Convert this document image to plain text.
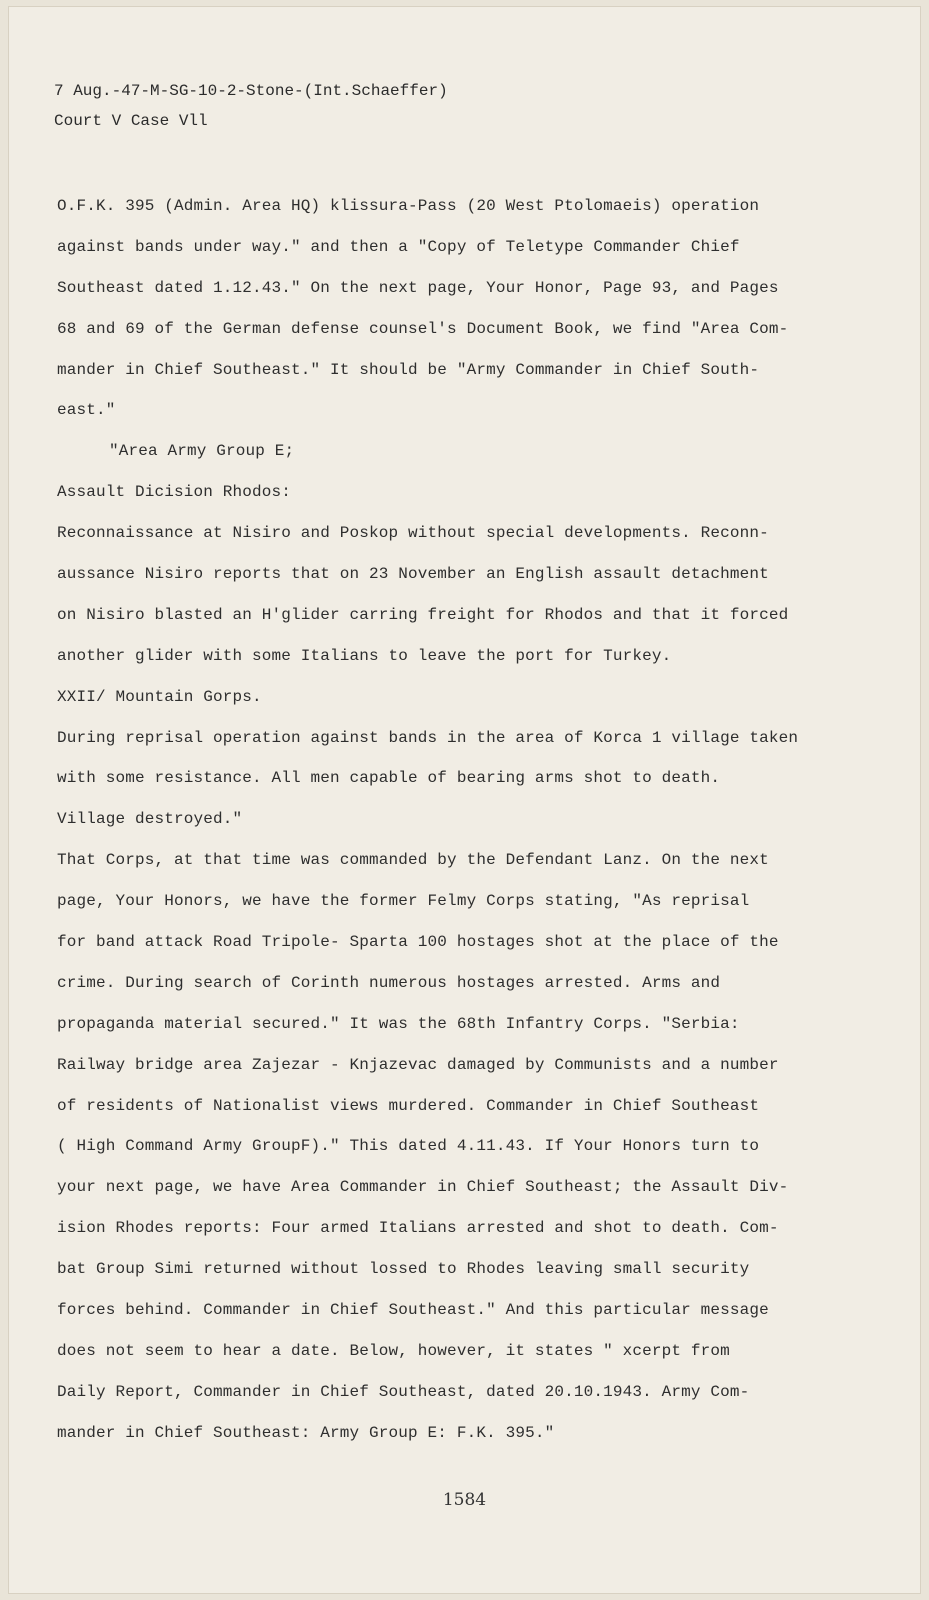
7 Aug.-47-M-SG-10-2-Stone-(Int.Schaeffer)
Court V Case Vll
O.F.K. 395 (Admin. Area HQ) klissura-Pass (20 West Ptolomaeis) operation
against bands under way." and then a "Copy of Teletype Commander Chief
Southeast dated 1.12.43." On the next page, Your Honor, Page 93, and Pages
68 and 69 of the German defense counsel's Document Book, we find "Area Com-
mander in Chief Southeast." It should be "Army Commander in Chief South-
east."
"Area Army Group E;
Assault Dicision Rhodos:
Reconnaissance at Nisiro and Poskop without special developments. Reconn-
aussance Nisiro reports that on 23 November an English assault detachment
on Nisiro blasted an H'glider carring freight for Rhodos and that it forced
another glider with some Italians to leave the port for Turkey.
XXII/ Mountain Gorps.
During reprisal operation against bands in the area of Korca 1 village taken
with some resistance. All men capable of bearing arms shot to death.
Village destroyed."
That Corps, at that time was commanded by the Defendant Lanz. On the next
page, Your Honors, we have the former Felmy Corps stating, "As reprisal
for band attack Road Tripole- Sparta 100 hostages shot at the place of the
crime. During search of Corinth numerous hostages arrested. Arms and
propaganda material secured." It was the 68th Infantry Corps. "Serbia:
Railway bridge area Zajezar - Knjazevac damaged by Communists and a number
of residents of Nationalist views murdered. Commander in Chief Southeast
( High Command Army GroupF)." This dated 4.11.43. If Your Honors turn to
your next page, we have Area Commander in Chief Southeast; the Assault Div-
ision Rhodes reports: Four armed Italians arrested and shot to death. Com-
bat Group Simi returned without lossed to Rhodes leaving small security
forces behind. Commander in Chief Southeast." And this particular message
does not seem to hear a date. Below, however, it states " xcerpt from
Daily Report, Commander in Chief Southeast, dated 20.10.1943. Army Com-
mander in Chief Southeast: Army Group E: F.K. 395."
1584
